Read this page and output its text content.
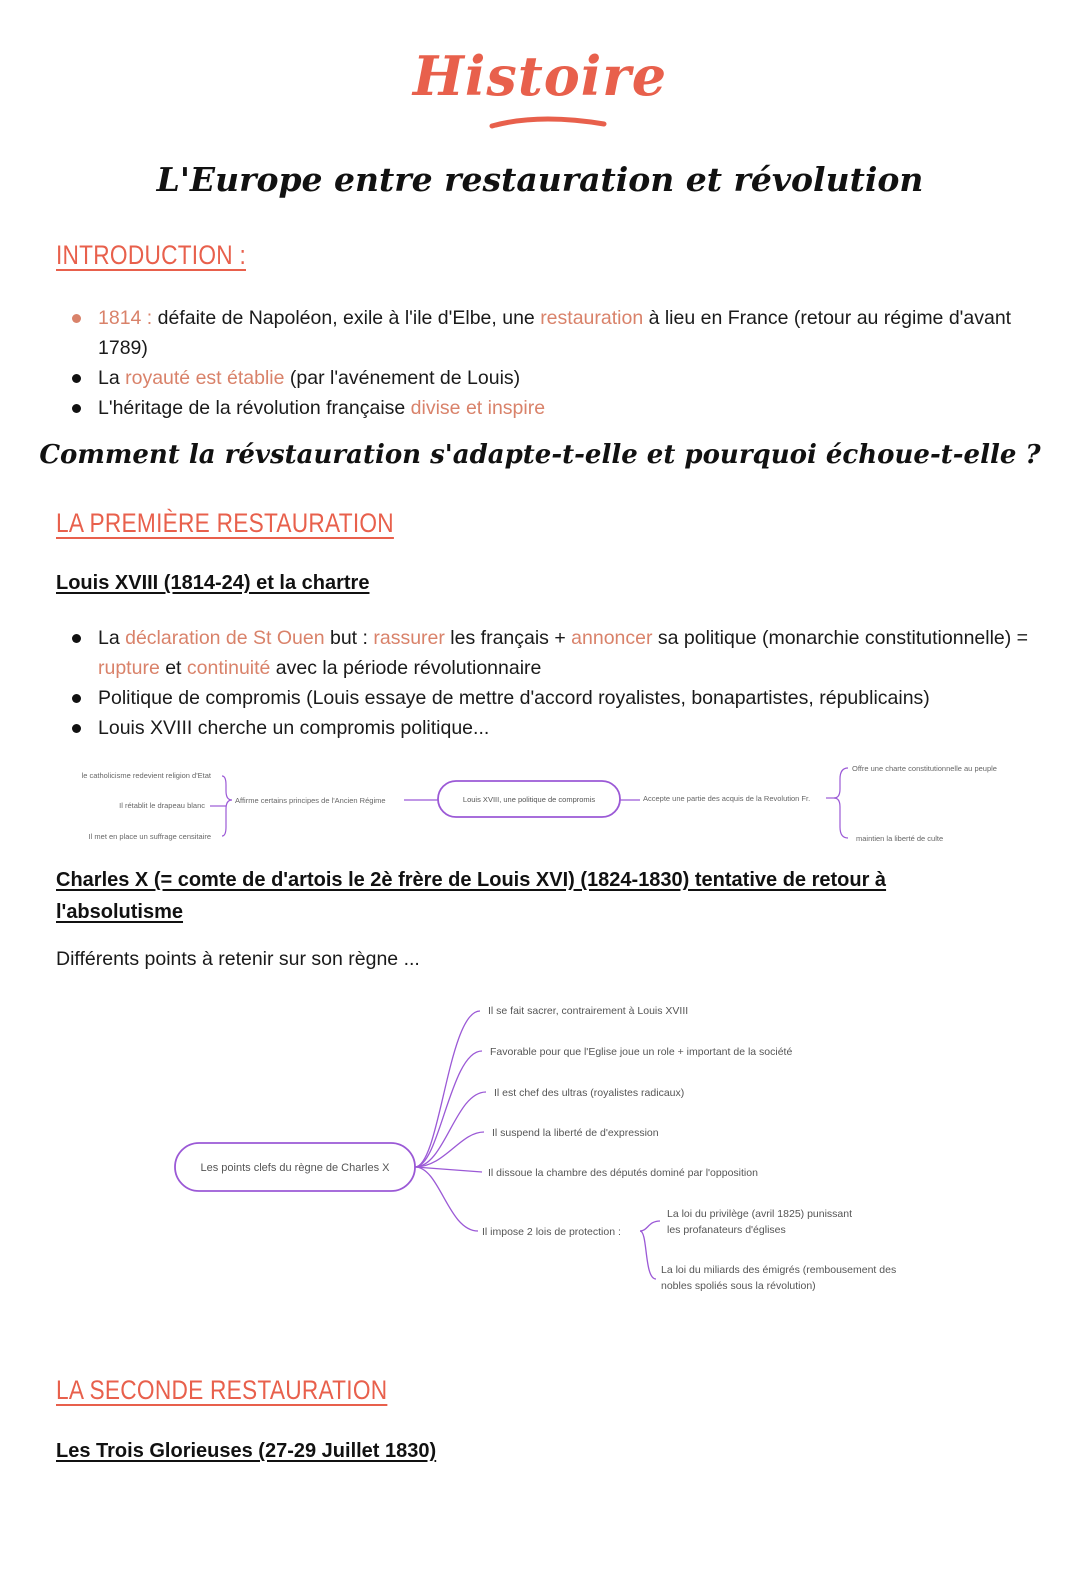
Histoire
L'Europe entre restauration et révolution
INTRODUCTION :
1814 : défaite de Napoléon, exile à l'ile d'Elbe, une restauration à lieu en France (retour au régime d'avant 1789)
La royauté est établie (par l'avénement de Louis)
L'héritage de la révolution française divise et inspire
Comment la révstauration s'adapte-t-elle et pourquoi échoue-t-elle ?
LA PREMIÈRE RESTAURATION
Louis XVIII (1814-24) et la chartre
La déclaration de St Ouen but : rassurer les français + annoncer sa politique (monarchie constitutionnelle) = rupture et continuité avec la période révolutionnaire
Politique de compromis (Louis essaye de mettre d'accord royalistes, bonapartistes, républicains)
Louis XVIII cherche un compromis politique...
le catholicisme redevient religion d'Etat
Il rétablit le drapeau blanc
Il met en place un suffrage censitaire
Affirme certains principes de l'Ancien Régime	Louis XVIII, une politique de compromis	Accepte une partie des acquis de la Revolution Fr.
Offre une charte constitutionnelle au peuple
maintien la liberté de culte
Charles X (= comte de d'artois le 2è frère de Louis XVI) (1824-1830) tentative de retour à l'absolutisme
Différents points à retenir sur son règne ...
Les points clefs du règne de Charles X
Il se fait sacrer, contrairement à Louis XVIII
Favorable pour que l'Eglise joue un role + important de la société
Il est chef des ultras (royalistes radicaux)
Il suspend la liberté de d'expression
Il dissoue la chambre des députés dominé par l'opposition
Il impose 2 lois de protection :
La loi du privilège (avril 1825) punissant
les profanateurs d'églises
La loi du miliards des émigrés (rembousement des
nobles spoliés sous la révolution)
LA SECONDE RESTAURATION
Les Trois Glorieuses (27-29 Juillet 1830)
